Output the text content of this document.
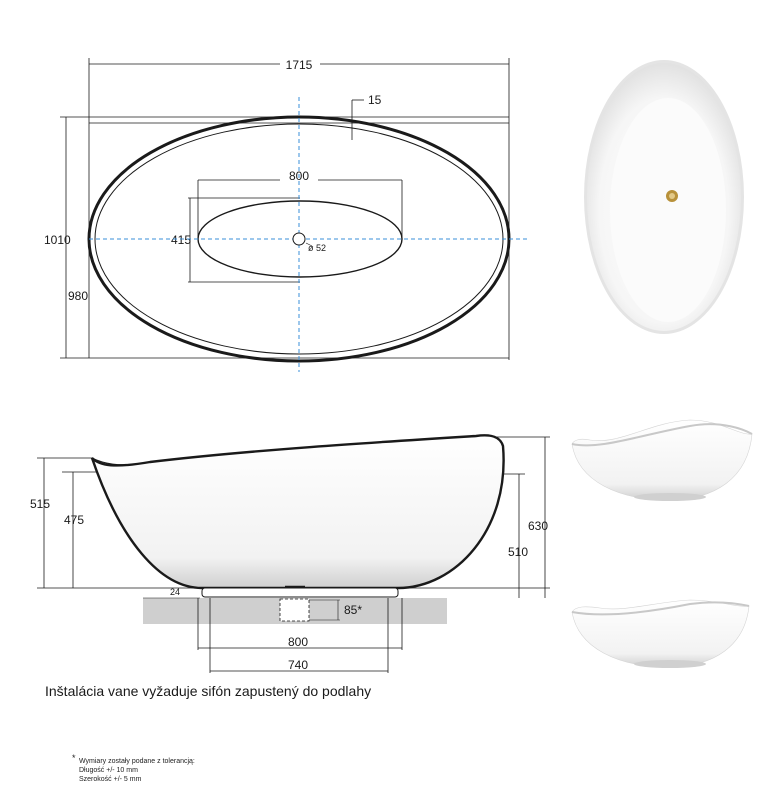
1715
15
1010
980
800
415
ø 52
515
475	630
510
24
85*
800
740
Inštalácia vane vyžaduje sifón zapustený do podlahy
* Wymiary zostały podane z tolerancją:
Długość +/- 10 mm
Szerokość +/- 5 mm
